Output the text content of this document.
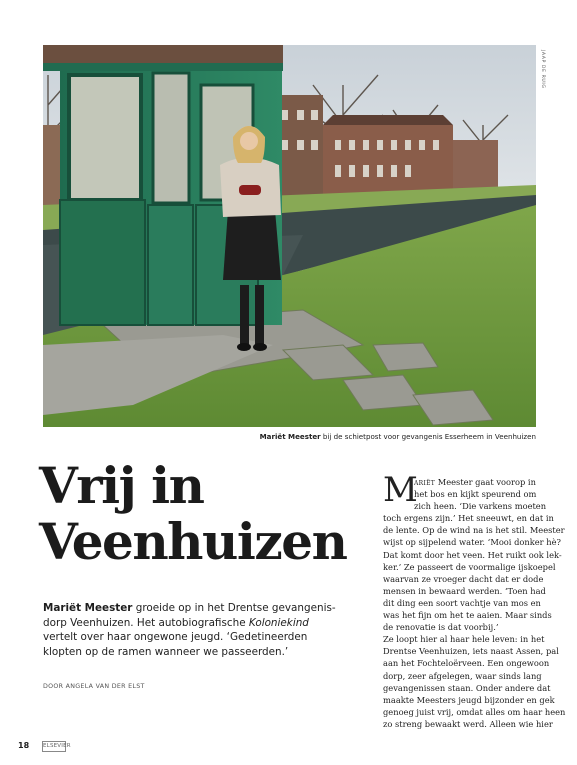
JAAP DE RUIG
Mariët Meester bij de schietpost voor gevangenis Esserheem in Veenhuizen
Vrij in
Veenhuizen

Mariët Meester groeide op in het Drentse gevangenisdorp Veenhuizen. Het autobiografische Koloniekind vertelt over haar ongewone jeugd. ‘Gedetineerden klopten op de ramen wanneer we passeerden.’

DOOR ANGELA VAN DER ELST
M
ariët Meester gaat voorop in
het bos en kijkt speurend om
zich heen. ‘Die varkens moeten
toch ergens zijn.’ Het sneeuwt, en dat in
de lente. Op de wind na is het stil. Meester
wijst op sijpelend water. ‘Mooi donker hè?
Dat komt door het veen. Het ruikt ook lek-
ker.’ Ze passeert de voormalige ijskoepel
waarvan ze vroeger dacht dat er dode
mensen in bewaard werden. ‘Toen had
dit ding een soort vachtje van mos en
was het fijn om het te aaien. Maar sinds
de renovatie is dat voorbij.’
Ze loopt hier al haar hele leven: in het
Drentse Veenhuizen, iets naast Assen, pal
aan het Fochteloërveen. Een ongewoon
dorp, zeer afgelegen, waar sinds lang
gevangenissen staan. Onder andere dat
maakte Meesters jeugd bijzonder en gek
genoeg juist vrij, omdat alles om haar heen
zo streng bewaakt werd. Alleen wie hier
18	ELSEVIER
